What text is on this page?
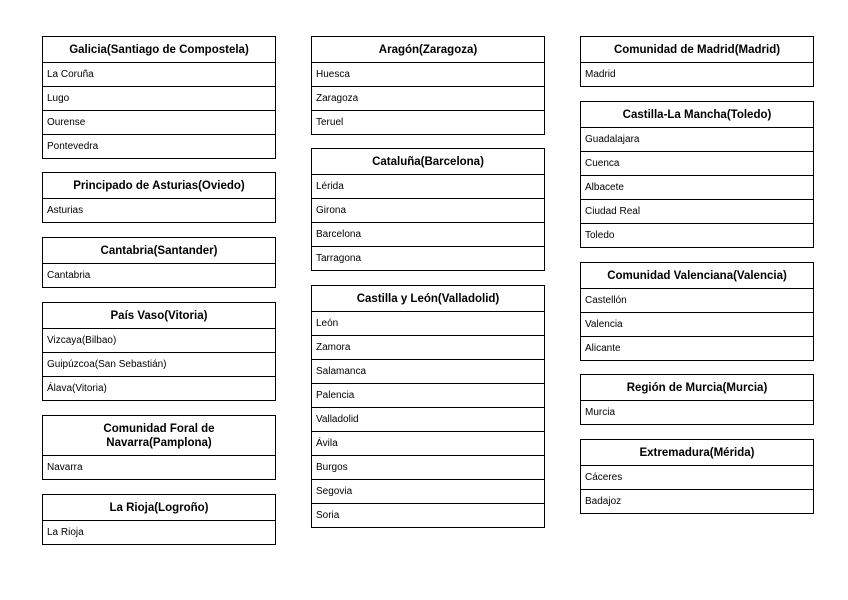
Galicia(Santiago de Compostela)
La Coruña
Lugo
Ourense
Pontevedra
Principado de Asturias(Oviedo)
Asturias
Cantabria(Santander)
Cantabria
País Vaso(Vitoria)
Vizcaya(Bilbao)
Guipúzcoa(San Sebastián)
Álava(Vitoria)
Comunidad Foral de Navarra(Pamplona)
Navarra
La Rioja(Logroño)
La Rioja
Aragón(Zaragoza)
Huesca
Zaragoza
Teruel
Cataluña(Barcelona)
Lérida
Girona
Barcelona
Tarragona
Castilla y León(Valladolid)
León
Zamora
Salamanca
Palencia
Valladolid
Ávila
Burgos
Segovia
Soria
Comunidad de Madrid(Madrid)
Madrid
Castilla-La Mancha(Toledo)
Guadalajara
Cuenca
Albacete
Ciudad Real
Toledo
Comunidad Valenciana(Valencia)
Castellón
Valencia
Alicante
Región de Murcia(Murcia)
Murcia
Extremadura(Mérida)
Cáceres
Badajoz
